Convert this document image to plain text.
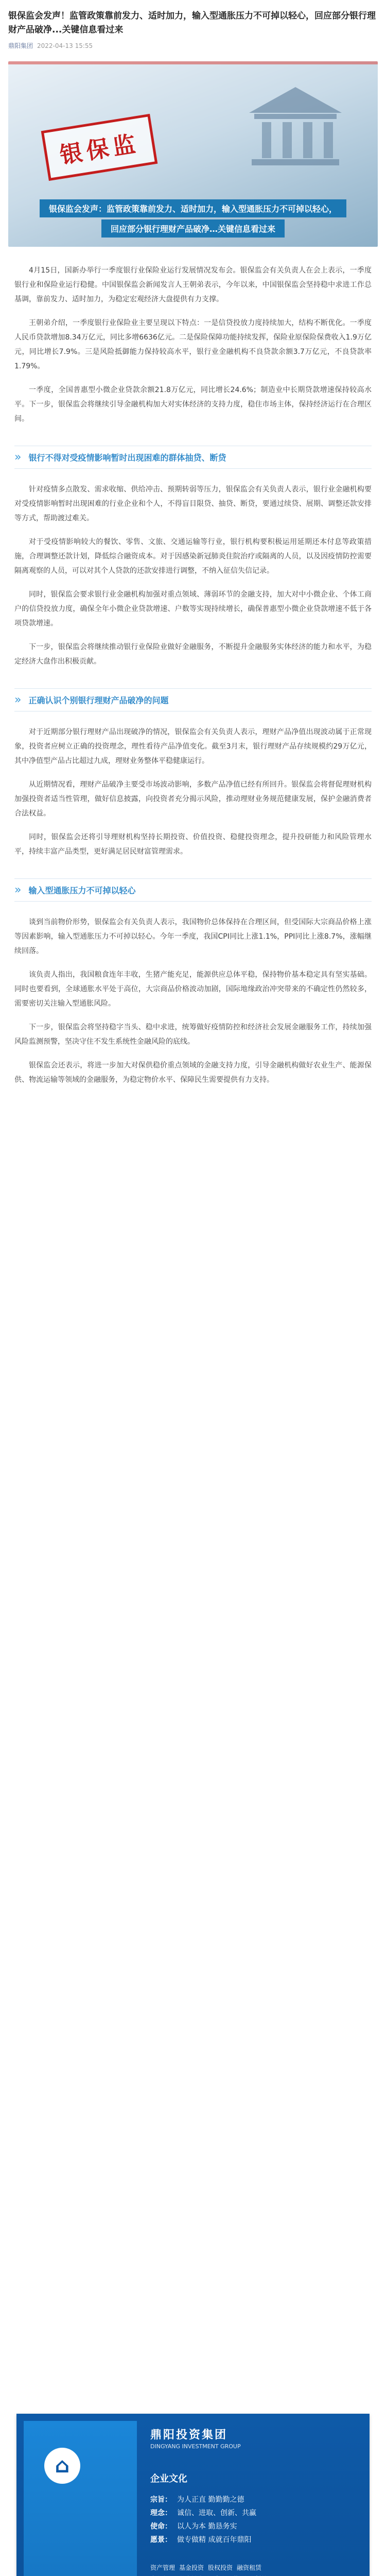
银保监会发声！监管政策靠前发力、适时加力，输入型通胀压力不可掉以轻心，回应部分银行理财产品破净...关键信息看过来
鼎阳集团 2022-04-13 15:55
银保监
银保监会发声：监管政策靠前发力、适时加力，输入型通胀压力不可掉以轻心，
回应部分银行理财产品破净…关键信息看过来

4月15日，国新办举行一季度银行业保险业运行发展情况发布会。银保监会有关负责人在会上表示，一季度银行业和保险业运行稳健。中国银保监会新闻发言人王朝弟表示，今年以来，中国银保监会坚持稳中求进工作总基调，靠前发力、适时加力，为稳定宏观经济大盘提供有力支撑。

王朝弟介绍，一季度银行业保险业主要呈现以下特点：一是信贷投放力度持续加大，结构不断优化。一季度人民币贷款增加8.34万亿元，同比多增6636亿元。二是保险保障功能持续发挥，保险业原保险保费收入1.9万亿元，同比增长7.9%。三是风险抵御能力保持较高水平，银行业金融机构不良贷款余额3.7万亿元，不良贷款率1.79%。

一季度，全国普惠型小微企业贷款余额21.8万亿元，同比增长24.6%；制造业中长期贷款增速保持较高水平。下一步，银保监会将继续引导金融机构加大对实体经济的支持力度，稳住市场主体，保持经济运行在合理区间。

» 银行不得对受疫情影响暂时出现困难的群体抽贷、断贷

针对疫情多点散发、需求收缩、供给冲击、预期转弱等压力，银保监会有关负责人表示，银行业金融机构要对受疫情影响暂时出现困难的行业企业和个人，不得盲目限贷、抽贷、断贷，要通过续贷、展期、调整还款安排等方式，帮助渡过难关。

对于受疫情影响较大的餐饮、零售、文旅、交通运输等行业，银行机构要积极运用延期还本付息等政策措施，合理调整还款计划，降低综合融资成本。对于因感染新冠肺炎住院治疗或隔离的人员，以及因疫情防控需要隔离观察的人员，可以对其个人贷款的还款安排进行调整，不纳入征信失信记录。

同时，银保监会要求银行业金融机构加强对重点领域、薄弱环节的金融支持，加大对中小微企业、个体工商户的信贷投放力度，确保全年小微企业贷款增速、户数等实现持续增长，确保普惠型小微企业贷款增速不低于各项贷款增速。

下一步，银保监会将继续推动银行业保险业做好金融服务，不断提升金融服务实体经济的能力和水平，为稳定经济大盘作出积极贡献。

» 正确认识个别银行理财产品破净的问题

对于近期部分银行理财产品出现破净的情况，银保监会有关负责人表示，理财产品净值出现波动属于正常现象，投资者应树立正确的投资理念，理性看待产品净值变化。截至3月末，银行理财产品存续规模约29万亿元，其中净值型产品占比超过九成，理财业务整体平稳健康运行。

从近期情况看，理财产品破净主要受市场波动影响，多数产品净值已经有所回升。银保监会将督促理财机构加强投资者适当性管理，做好信息披露，向投资者充分揭示风险，推动理财业务规范健康发展，保护金融消费者合法权益。

同时，银保监会还将引导理财机构坚持长期投资、价值投资、稳健投资理念，提升投研能力和风险管理水平，持续丰富产品类型，更好满足居民财富管理需求。

» 输入型通胀压力不可掉以轻心

谈到当前物价形势，银保监会有关负责人表示，我国物价总体保持在合理区间，但受国际大宗商品价格上涨等因素影响，输入型通胀压力不可掉以轻心。今年一季度，我国CPI同比上涨1.1%，PPI同比上涨8.7%，涨幅继续回落。

该负责人指出，我国粮食连年丰收，生猪产能充足，能源供应总体平稳，保持物价基本稳定具有坚实基础。同时也要看到，全球通胀水平处于高位，大宗商品价格波动加剧，国际地缘政治冲突带来的不确定性仍然较多，需要密切关注输入型通胀风险。

下一步，银保监会将坚持稳字当头、稳中求进，统筹做好疫情防控和经济社会发展金融服务工作，持续加强风险监测预警，坚决守住不发生系统性金融风险的底线。

银保监会还表示，将进一步加大对保供稳价重点领域的金融支持力度，引导金融机构做好农业生产、能源保供、物流运输等领域的金融服务，为稳定物价水平、保障民生需要提供有力支持。

⌂
鼎阳投资集团
DINGYANG INVESTMENT GROUP
企业文化
宗旨： 为人正直 勤勤勤之德
理念： 诚信、进取、创新、共赢
使命： 以人为本 勤恳务实
愿景： 做专做精 成就百年鼎阳
资产管理 基金投资 股权投资 融资租赁
